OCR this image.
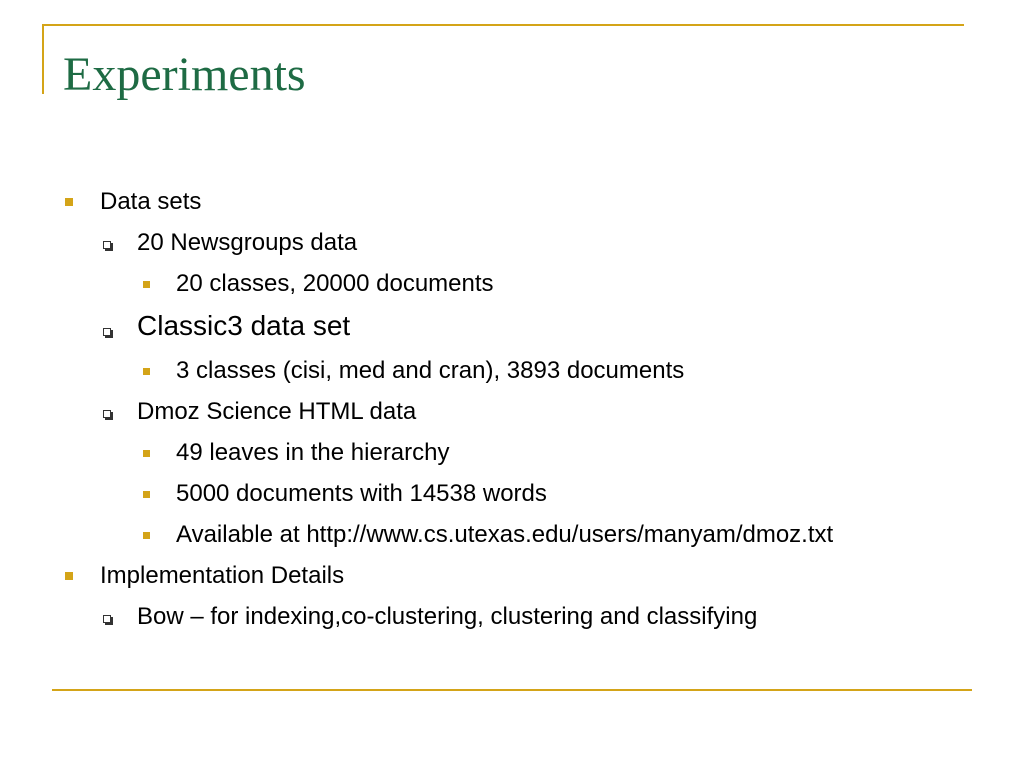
Experiments
Data sets
20 Newsgroups data
20 classes, 20000 documents
Classic3 data set
3 classes (cisi, med and cran), 3893 documents
Dmoz Science HTML data
49 leaves in the hierarchy
5000 documents with 14538 words
Available at http://www.cs.utexas.edu/users/manyam/dmoz.txt
Implementation Details
Bow – for indexing,co-clustering, clustering and classifying
